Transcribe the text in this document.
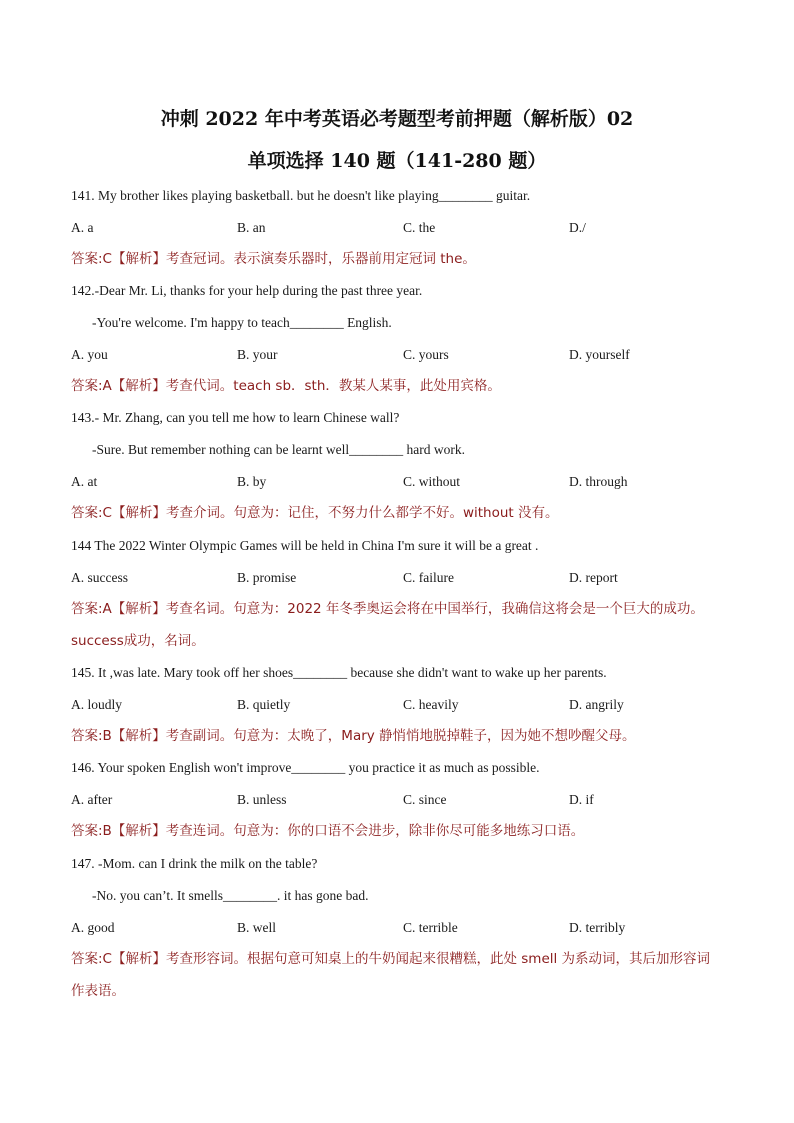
冲刺 2022 年中考英语必考题型考前押题（解析版）02
单项选择 140 题（141-280 题）
141. My brother likes playing basketball. but he doesn't like playing________ guitar.
A. a	B. an	C. the	D./
答案:C【解析】考查冠词。表示演奏乐器时，乐器前用定冠词 the。
142.-Dear Mr. Li, thanks for your help during the past three year.
-You're welcome. I'm happy to teach________ English.
A. you	B. your	C. yours	D. yourself
答案:A【解析】考查代词。teach sb．sth．教某人某事，此处用宾格。
143.- Mr. Zhang, can you tell me how to learn Chinese wall?
-Sure. But remember nothing can be learnt well________ hard work.
A. at	B. by	C. without	D. through
答案:C【解析】考查介词。句意为：记住，不努力什么都学不好。without 没有。
144 The 2022 Winter Olympic Games will be held in China I'm sure it will be a great .
A. success	B. promise	C. failure	D. report
答案:A【解析】考查名词。句意为：2022 年冬季奥运会将在中国举行，我确信这将会是一个巨大的成功。
success成功，名词。
145. It ,was late. Mary took off her shoes________ because she didn't want to wake up her parents.
A. loudly	B. quietly	C. heavily	D. angrily
答案:B【解析】考查副词。句意为：太晚了，Mary 静悄悄地脱掉鞋子，因为她不想吵醒父母。
146. Your spoken English won't improve________ you practice it as much as possible.
A. after	B. unless	C. since	D. if
答案:B【解析】考查连词。句意为：你的口语不会进步，除非你尽可能多地练习口语。
147. -Mom. can I drink the milk on the table?
-No. you can’t. It smells________. it has gone bad.
A. good	B. well	C. terrible	D. terribly
答案:C【解析】考查形容词。根据句意可知桌上的牛奶闻起来很糟糕，此处 smell 为系动词，其后加形容词
作表语。
